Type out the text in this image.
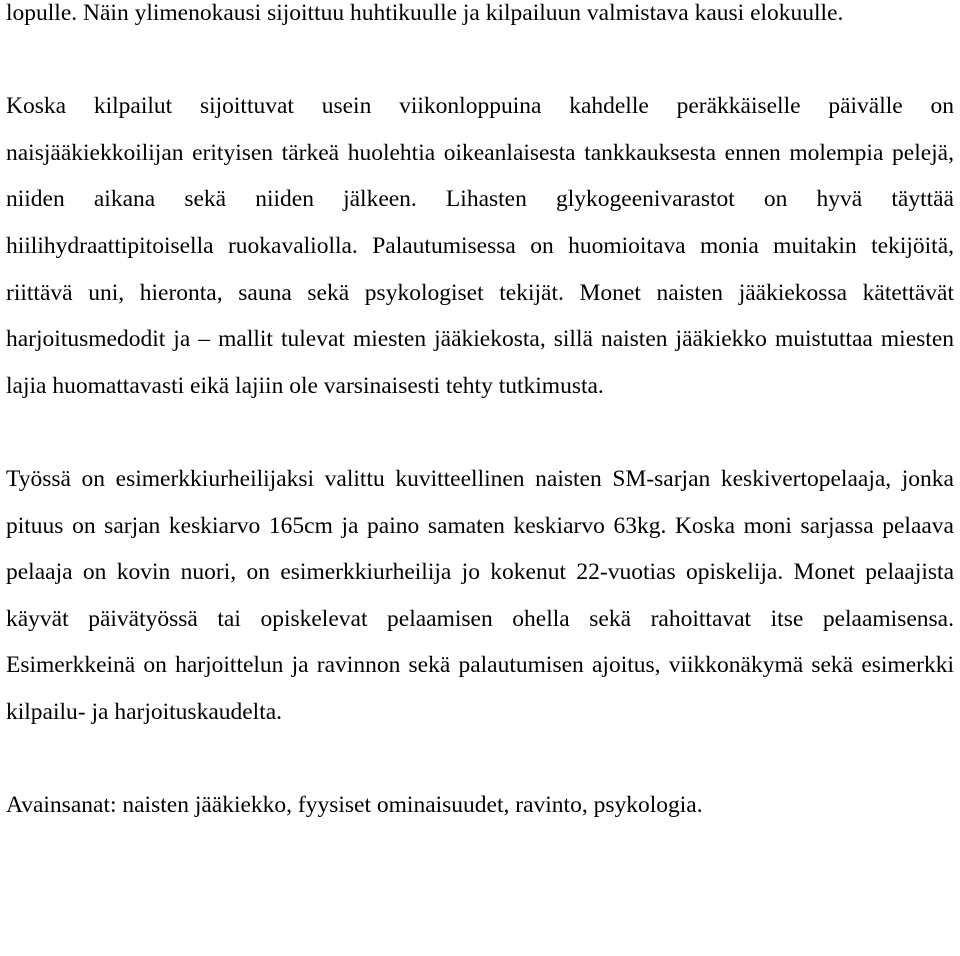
lopulle. Näin ylimenokausi sijoittuu huhtikuulle ja kilpailuun valmistava kausi elokuulle.

Koska kilpailut sijoittuvat usein viikonloppuina kahdelle peräkkäiselle päivälle on naisjääkiekkoilijan erityisen tärkeä huolehtia oikeanlaisesta tankkauksesta ennen molempia pelejä, niiden aikana sekä niiden jälkeen. Lihasten glykogeenivarastot on hyvä täyttää hiilihydraattipitoisella ruokavaliolla. Palautumisessa on huomioitava monia muitakin tekijöitä, riittävä uni, hieronta, sauna sekä psykologiset tekijät. Monet naisten jääkiekossa kätettävät harjoitusmedodit ja – mallit tulevat miesten jääkiekosta, sillä naisten jääkiekko muistuttaa miesten lajia huomattavasti eikä lajiin ole varsinaisesti tehty tutkimusta.

Työssä on esimerkkiurheilijaksi valittu kuvitteellinen naisten SM-sarjan keskivertopelaaja, jonka pituus on sarjan keskiarvo 165cm ja paino samaten keskiarvo 63kg. Koska moni sarjassa pelaava pelaaja on kovin nuori, on esimerkkiurheilija jo kokenut 22-vuotias opiskelija. Monet pelaajista käyvät päivätyössä tai opiskelevat pelaamisen ohella sekä rahoittavat itse pelaamisensa. Esimerkkeinä on harjoittelun ja ravinnon sekä palautumisen ajoitus, viikkonäkymä sekä esimerkki kilpailu- ja harjoituskaudelta.

Avainsanat: naisten jääkiekko, fyysiset ominaisuudet, ravinto, psykologia.
